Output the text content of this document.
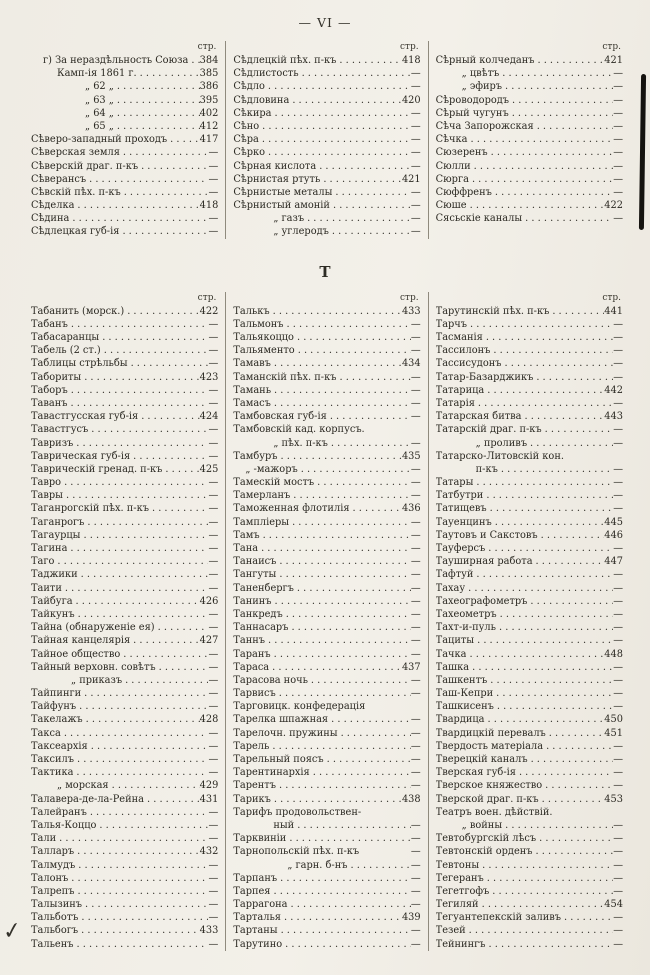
— VI —
стр.
г) За нераздѣльность Союза . . . 384
Камп-ія 1861 г. . . .	385
„ 62 „ . . .	386
„ 63 „ . . .	395
„ 64 „ . . .	402
„ 65 „ . . .	412
Сѣверо-западный проходъ . . .	417
Сѣверская земля . . .	—
Сѣверскій драг. п-къ . . .	—
Сѣверансъ . . .	—
Сѣвскій пѣх. п-къ . . .	—
Сѣделка . . .	418
Сѣдина . . .	—
Сѣдлецкая губ-ія . . .	—
стр.
Сѣдлецкій пѣх. п-къ . . .	418
Сѣдлистость . . .	—
Сѣдло . . .	—
Сѣдловина . . .	420
Сѣкира . . .	—
Сѣно . . .	—
Сѣра . . .	—
Сѣрко . . .	—
Сѣрная кислота . . .	—
Сѣрнистая ртуть . . .	421
Сѣрнистые металы . . .	—
Сѣрнистый амоній . . .	—
„ газъ . . .	—
„ углеродъ . . .	—
стр.
Сѣрный колчеданъ . . .	421
„ цвѣтъ . . .	—
„ эфиръ . . .	—
Сѣроводородъ . . .	—
Сѣрый чугунъ . . .	—
Сѣча Запорожская . . .	—
Сѣчка . . .	—
Сюзеренъ . . .	—
Сюлли . . .	—
Сюрга . . .	—
Сюффренъ . . .	—
Сюше . . .	422
Сясьскіе каналы . . .	—
Т
стр.
Табанить (морск.) . . .	422
Табанъ . . .	—
Табасаранцы . . .	—
Табель (2 ст.) . . .	—
Таблицы стрѣльбы . . .	—
Табориты . . .	423
Таборъ . . .	—
Таванъ . . .	—
Тавастгусская губ-ія . . .	424
Тавастгусъ . . .	—
Тавризъ . . .	—
Таврическая губ-ія . . .	—
Таврическій гренад. п-къ . . .	425
Тавро . . .	—
Тавры . . .	—
Таганрогскій пѣх. п-къ . . .	—
Таганрогъ . . .	—
Тагаурцы . . .	—
Тагина . . .	—
Таго . . .	—
Таджики . . .	—
Таити . . .	—
Тайбуга . . .	426
Тайкунъ . . .	—
Тайна (обнаруженіе ея) . . .	—
Тайная канцелярія . . .	427
Тайное общество . . .	—
Тайный верховн. совѣтъ . . .	—
„ приказъ . . .	—
Тайпинги . . .	—
Тайфунъ . . .	—
Такелажъ . . .	428
Такса . . .	—
Таксеархія . . .	—
Таксилъ . . .	—
Тактика . . .	—
„ морская . . .	429
Талавера-де-ла-Рейна . . .	431
Талейранъ . . .	—
Талья-Коццо . . .	—
Тали . . .	—
Талларъ . . .	432
Талмудъ . . .	—
Талонъ . . .	—
Талрепъ . . .	—
Талызинъ . . .	—
Тальботъ . . .	—
Тальбогъ . . .	433
Тальенъ . . .	—
стр.
Талькъ . . .	433
Тальмонъ . . .	—
Тальякоццо . . .	—
Тальяменто . . .	—
Тамавъ . . .	434
Таманскій пѣх. п-къ . . .	—
Тамань . . .	—
Тамасъ . . .	—
Тамбовская губ-ія . . .	—
Тамбовскій кад. корпусъ.
„ пѣх. п-къ . . .	—
Тамбуръ . . .	435
„ -мажоръ . . .	—
Тамескій мостъ . . .	—
Тамерланъ . . .	—
Таможенная флотилія . . .	436
Тампліеры . . .	—
Тамъ . . .	—
Тана . . .	—
Танаисъ . . .	—
Тангуты . . .	—
Таненбергъ . . .	—
Танинъ . . .	—
Танкредъ . . .	—
Таннасаръ . . .	—
Таннъ . . .	—
Таранъ . . .	—
Тараса . . .	437
Тарасова ночь . . .	—
Тарвисъ . . .	—
Тарговицк. конфедерація
Тарелка шпажная . . .	—
Тарелочн. пружины . . .	—
Тарель . . .	—
Тарельный поясъ . . .	—
Тарентинархія . . .	—
Тарентъ . . .	—
Тарикъ . . .	438
Тарифъ продовольствен-
ный . . .	—
Тарквиніи . . .	—
Тарнопольскій пѣх. п-къ	—
„ гарн. б-нъ . . .	—
Тарпанъ . . .	—
Тарпея . . .	—
Таррагона . . .	—
Тарталья . . .	439
Тартаны . . .	—
Тарутино . . .	—
стр.
Тарутинскій пѣх. п-къ . . .	441
Тарчъ . . .	—
Тасманія . . .	—
Тассилонъ . . .	—
Тассисудонъ . . .	—
Татар-Базарджикъ . . .	—
Татарица . . .	442
Татарія . . .	—
Татарская битва . . .	443
Татарскій драг. п-къ . . .	—
„ проливъ . . .	—
Татарско-Литовскій кон.
п-къ . . .	—
Татары . . .	—
Татбутри . . .	—
Татищевъ . . .	—
Тауенцинъ . . .	445
Таутовъ и Сакстовъ . . .	446
Тауферсъ . . .	—
Тауширная работа . . .	447
Тафтуй . . .	—
Тахау . . .	—
Тахеографометръ . . .	—
Тахеометръ . . .	—
Тахт-и-пуль . . .	—
Тациты . . .	—
Тачка . . .	448
Ташка . . .	—
Ташкентъ . . .	—
Таш-Кепри . . .	—
Ташкисенъ . . .	—
Твардица . . .	450
Твардицкій перевалъ . . .	451
Твердость матеріала . . .	—
Тверецкій каналъ . . .	—
Тверская губ-ія . . .	—
Тверское княжество . . .	—
Тверской драг. п-къ . . .	453
Театръ воен. дѣйствій.
„ войны . . .	—
Тевтобургскій лѣсъ . . .	—
Тевтонскій орденъ . . .	—
Тевтоны . . .	—
Тегеранъ . . .	—
Тегетгофъ . . .	—
Тегиляй . . .	454
Тегуантепекскій заливъ . . .	—
Тезей . . .	—
Тейнингъ . . .	—
✓
